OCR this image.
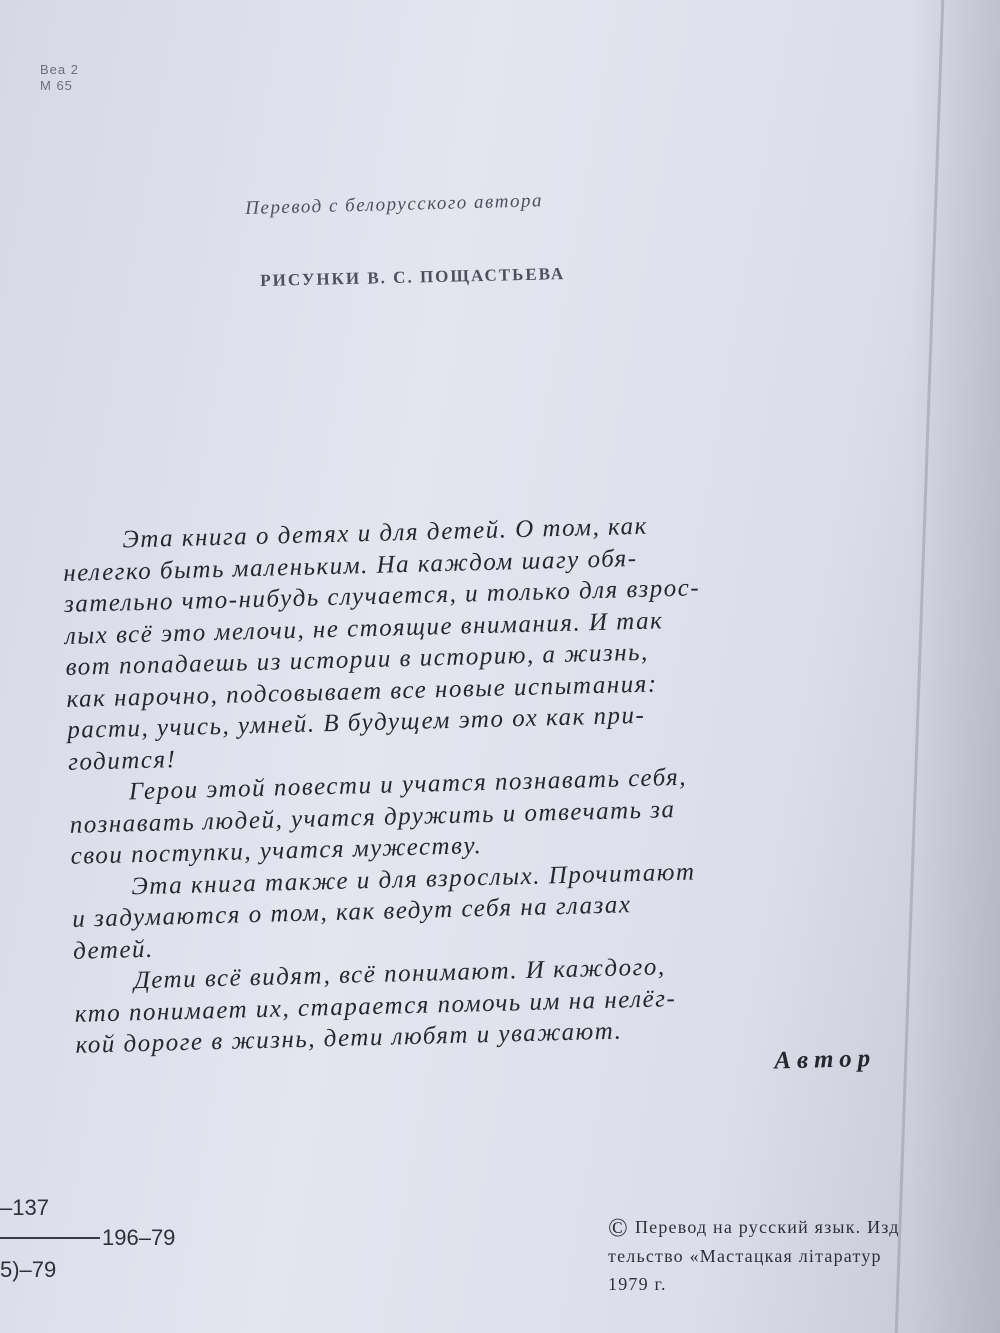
Bea 2
M 65
Перевод с белорусского автора
РИСУНКИ В. С. ПОЩАСТЬЕВА

Эта книга о детях и для детей. О том, как

нелегко быть маленьким. На каждом шагу обя-

зательно что-нибудь случается, и только для взрос-

лых всё это мелочи, не стоящие внимания. И так

вот попадаешь из истории в историю, а жизнь,

как нарочно, подсовывает все новые испытания:

расти, учись, умней. В будущем это ох как при-

годится!

Герои этой повести и учатся познавать себя,

познавать людей, учатся дружить и отвечать за

свои поступки, учатся мужеству.

Эта книга также и для взрослых. Прочитают

и задумаются о том, как ведут себя на глазах

детей.

Дети всё видят, всё понимают. И каждого,

кто понимает их, старается помочь им на нелёг-

кой дороге в жизнь, дети любят и уважают.

Автор

–137
196–79
5)–79
© Перевод на русский язык. Изд
тельство «Мастацкая літаратур
1979 г.
